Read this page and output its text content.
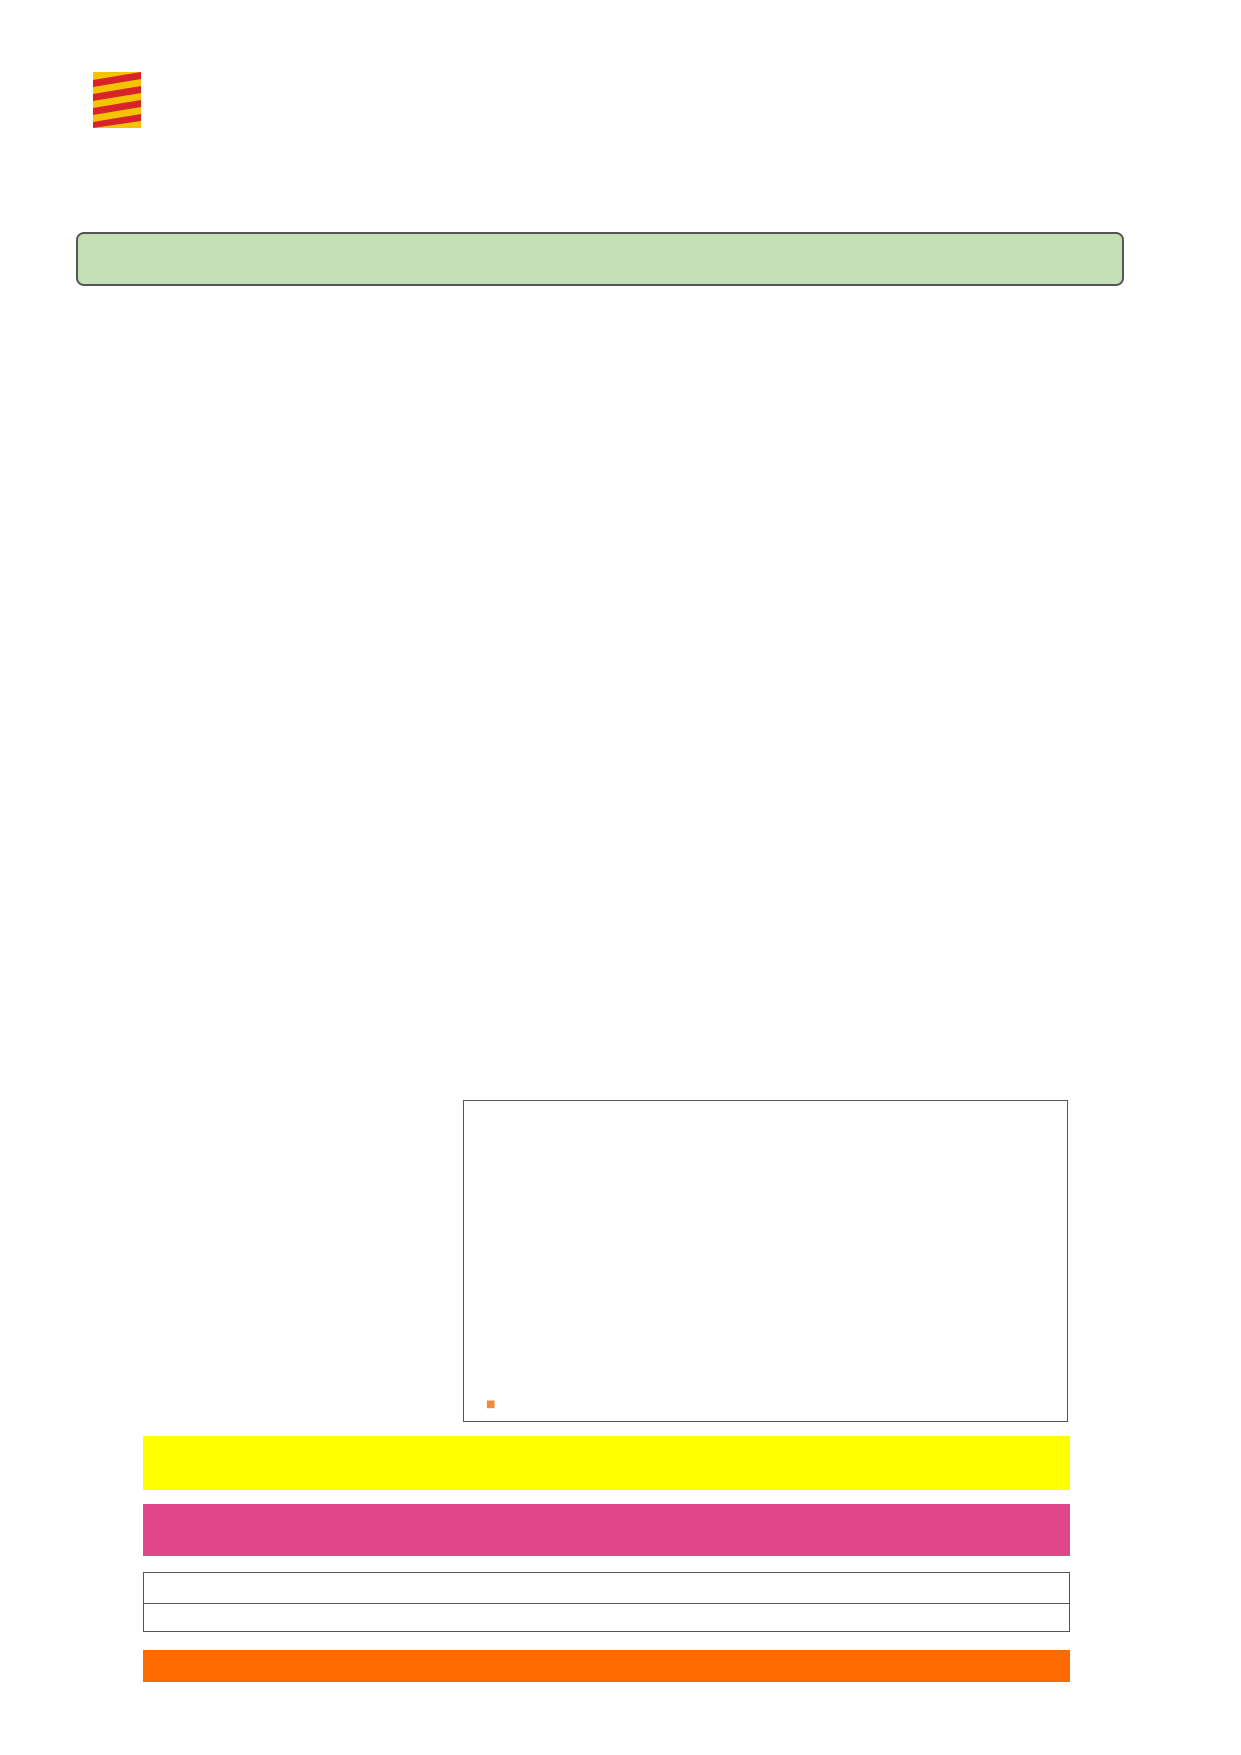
■
